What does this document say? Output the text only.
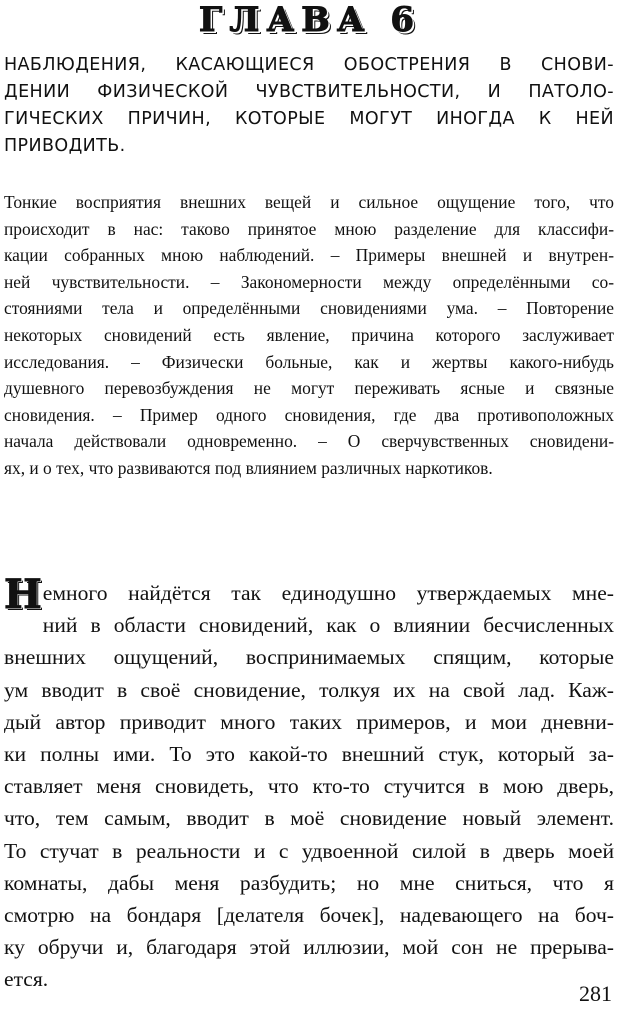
ГЛАВА 6
НАБЛЮДЕНИЯ, КАСАЮЩИЕСЯ ОБОСТРЕНИЯ В СНОВИ-
ДЕНИИ ФИЗИЧЕСКОЙ ЧУВСТВИТЕЛЬНОСТИ, И ПАТОЛО-
ГИЧЕСКИХ ПРИЧИН, КОТОРЫЕ МОГУТ ИНОГДА К НЕЙ
ПРИВОДИТЬ.
Тонкие восприятия внешних вещей и сильное ощущение того, что
происходит в нас: таково принятое мною разделение для классифи-
кации собранных мною наблюдений. – Примеры внешней и внутрен-
ней чувствительности. – Закономерности между определёнными со-
стояниями тела и определёнными сновидениями ума. – Повторение
некоторых сновидений есть явление, причина которого заслуживает
исследования. – Физически больные, как и жертвы какого-нибудь
душевного перевозбуждения не могут переживать ясные и связные
сновидения. – Пример одного сновидения, где два противоположных
начала действовали одновременно. – О сверчувственных сновидени-
ях, и о тех, что развиваются под влиянием различных наркотиков.
Н емного найдётся так единодушно утверждаемых мне-
ний в области сновидений, как о влиянии бесчисленных
внешних ощущений, воспринимаемых спящим, которые
ум вводит в своё сновидение, толкуя их на свой лад. Каж-
дый автор приводит много таких примеров, и мои дневни-
ки полны ими. То это какой-то внешний стук, который за-
ставляет меня сновидеть, что кто-то стучится в мою дверь,
что, тем самым, вводит в моё сновидение новый элемент.
То стучат в реальности и с удвоенной силой в дверь моей
комнаты, дабы меня разбудить; но мне сниться, что я
смотрю на бондаря [делателя бочек], надевающего на боч-
ку обручи и, благодаря этой иллюзии, мой сон не прерыва-
ется.
281
